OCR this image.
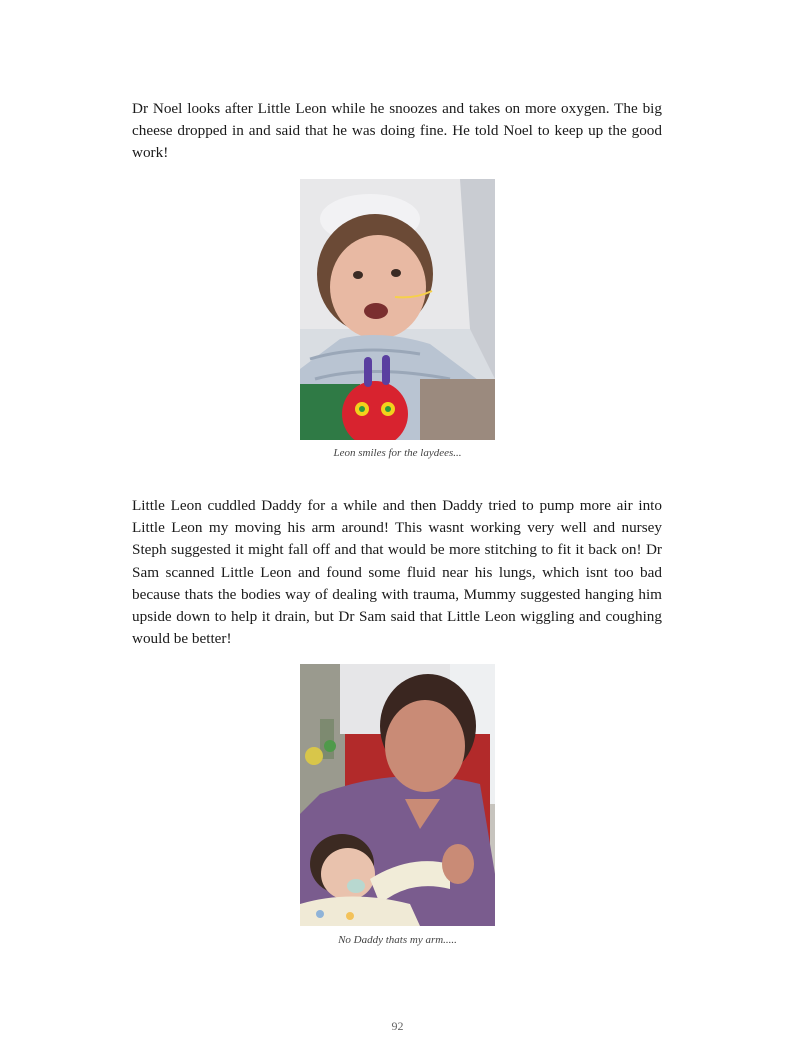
Dr Noel looks after Little Leon while he snoozes and takes on more oxygen. The big cheese dropped in and said that he was doing fine. He told Noel to keep up the good work!

Leon smiles for the laydees...

Little Leon cuddled Daddy for a while and then Daddy tried to pump more air into Little Leon my moving his arm around! This wasnt working very well and nursey Steph suggested it might fall off and that would be more stitching to fit it back on! Dr Sam scanned Little Leon and found some fluid near his lungs, which isnt too bad because thats the bodies way of dealing with trauma, Mummy suggested hanging him upside down to help it drain, but Dr Sam said that Little Leon wiggling and coughing would be better!

No Daddy thats my arm.....

92
